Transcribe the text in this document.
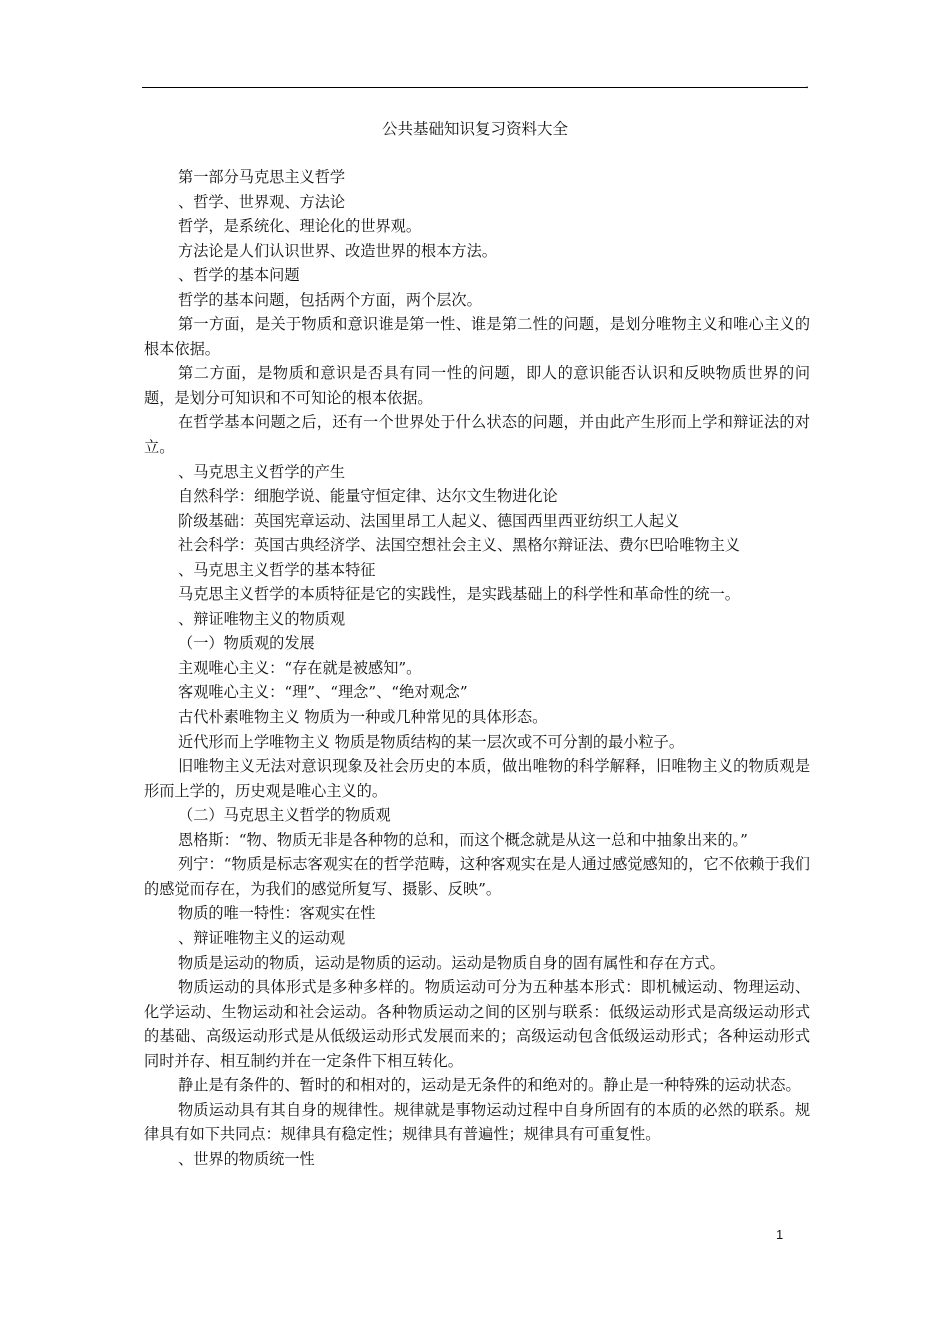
'
公共基础知识复习资料大全

第一部分马克思主义哲学

、哲学、世界观、方法论

哲学，是系统化、理论化的世界观。

方法论是人们认识世界、改造世界的根本方法。

、哲学的基本问题

哲学的基本问题，包括两个方面，两个层次。

第一方面，是关于物质和意识谁是第一性、谁是第二性的问题，是划分唯物主义和唯心主义的根本依据。

第二方面，是物质和意识是否具有同一性的问题，即人的意识能否认识和反映物质世界的问题，是划分可知识和不可知论的根本依据。

在哲学基本问题之后，还有一个世界处于什么状态的问题，并由此产生形而上学和辩证法的对立。

、马克思主义哲学的产生

自然科学：细胞学说、能量守恒定律、达尔文生物进化论

阶级基础：英国宪章运动、法国里昂工人起义、德国西里西亚纺织工人起义

社会科学：英国古典经济学、法国空想社会主义、黑格尔辩证法、费尔巴哈唯物主义

、马克思主义哲学的基本特征

马克思主义哲学的本质特征是它的实践性，是实践基础上的科学性和革命性的统一。

、辩证唯物主义的物质观

（一）物质观的发展

主观唯心主义：“存在就是被感知”。

客观唯心主义：“理”、“理念”、“绝对观念”

古代朴素唯物主义 物质为一种或几种常见的具体形态。

近代形而上学唯物主义 物质是物质结构的某一层次或不可分割的最小粒子。

旧唯物主义无法对意识现象及社会历史的本质，做出唯物的科学解释，旧唯物主义的物质观是形而上学的，历史观是唯心主义的。

（二）马克思主义哲学的物质观

恩格斯：“物、物质无非是各种物的总和，而这个概念就是从这一总和中抽象出来的。”

列宁：“物质是标志客观实在的哲学范畴，这种客观实在是人通过感觉感知的，它不依赖于我们的感觉而存在，为我们的感觉所复写、摄影、反映”。

物质的唯一特性：客观实在性

、辩证唯物主义的运动观

物质是运动的物质，运动是物质的运动。运动是物质自身的固有属性和存在方式。

物质运动的具体形式是多种多样的。物质运动可分为五种基本形式：即机械运动、物理运动、化学运动、生物运动和社会运动。各种物质运动之间的区别与联系：低级运动形式是高级运动形式的基础、高级运动形式是从低级运动形式发展而来的；高级运动包含低级运动形式；各种运动形式同时并存、相互制约并在一定条件下相互转化。

静止是有条件的、暂时的和相对的，运动是无条件的和绝对的。静止是一种特殊的运动状态。

物质运动具有其自身的规律性。规律就是事物运动过程中自身所固有的本质的必然的联系。规律具有如下共同点：规律具有稳定性；规律具有普遍性；规律具有可重复性。

、世界的物质统一性

1
